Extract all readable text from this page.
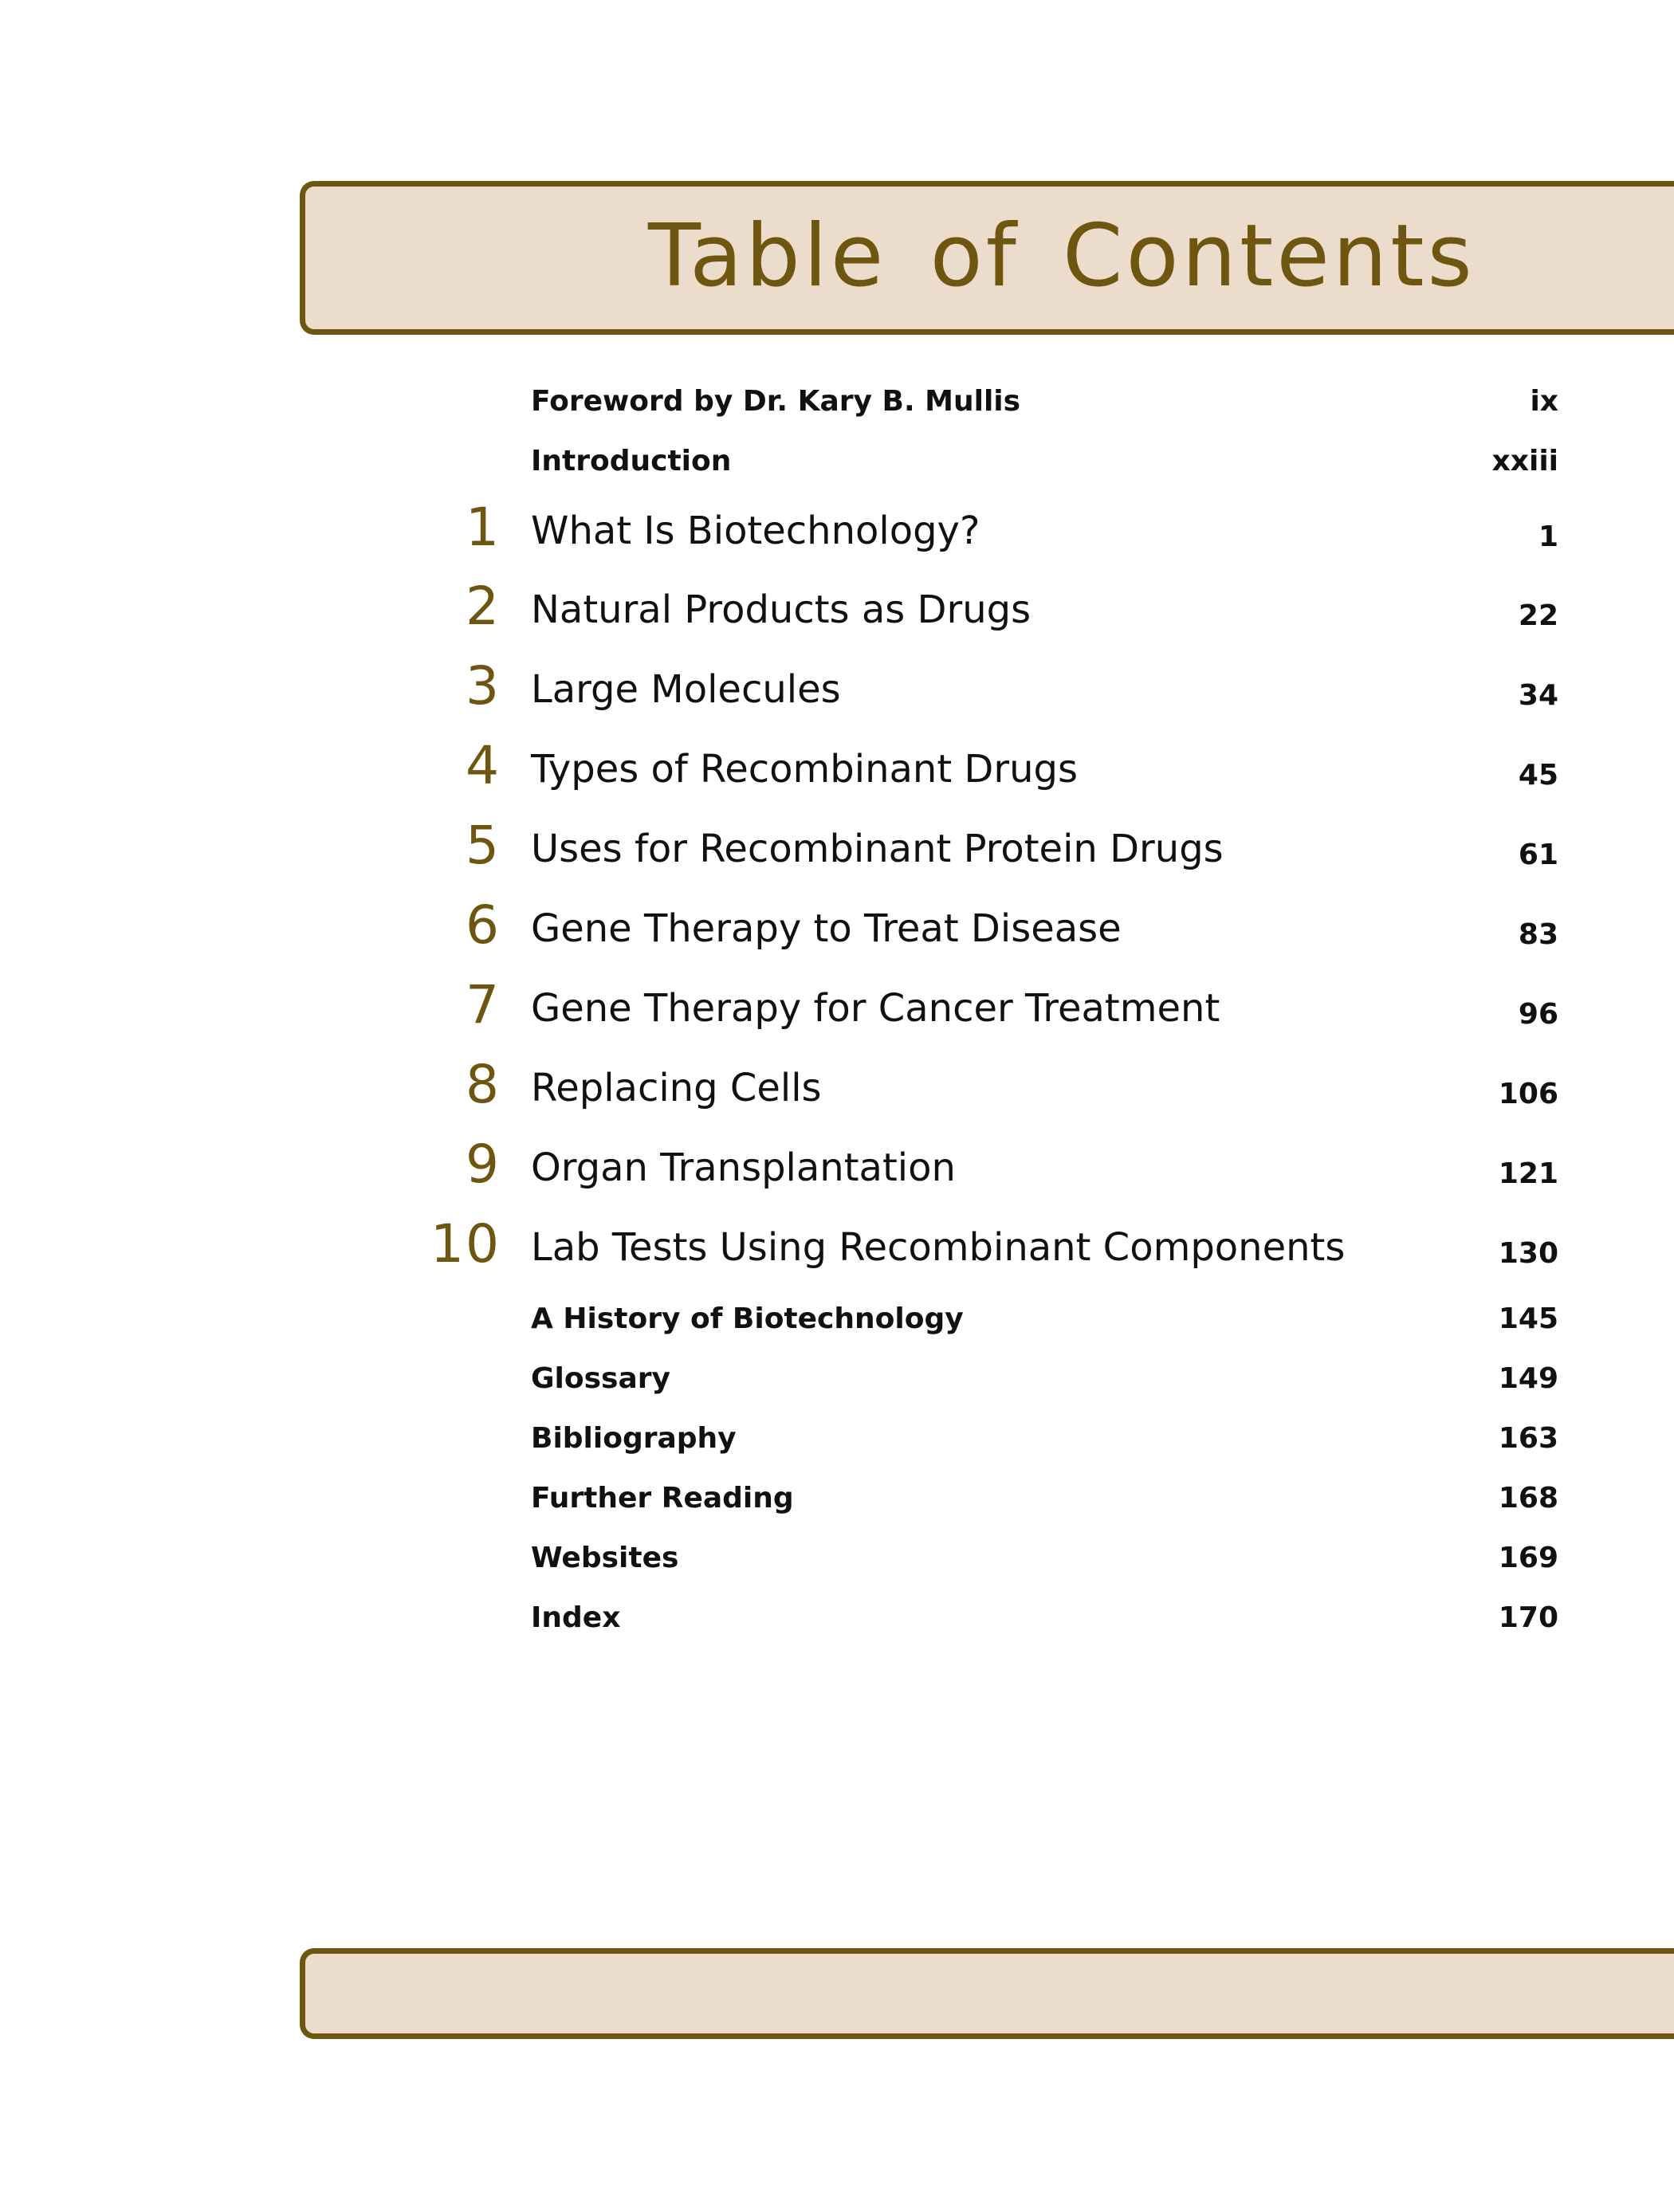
Table of Contents
Foreword by Dr. Kary B. Mullis	ix
Introduction	xxiii
1 What Is Biotechnology?	1
2 Natural Products as Drugs	22
3 Large Molecules	34
4 Types of Recombinant Drugs	45
5 Uses for Recombinant Protein Drugs	61
6 Gene Therapy to Treat Disease	83
7 Gene Therapy for Cancer Treatment	96
8 Replacing Cells	106
9 Organ Transplantation	121
10 Lab Tests Using Recombinant Components	130
A History of Biotechnology	145
Glossary	149
Bibliography	163
Further Reading	168
Websites	169
Index	170
